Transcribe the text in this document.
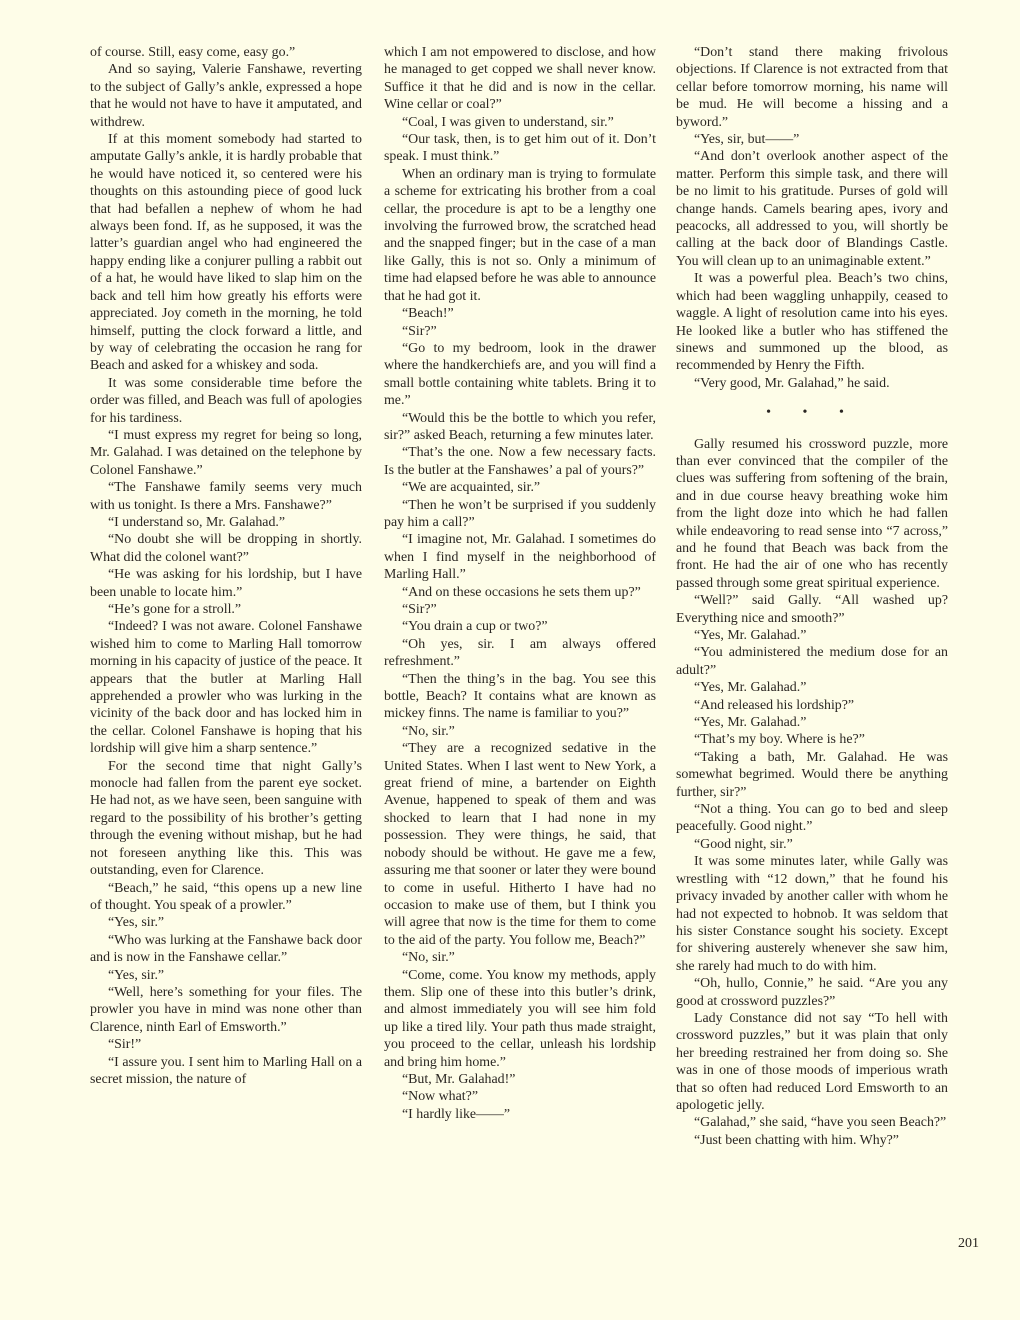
of course. Still, easy come, easy go.”

And so saying, Valerie Fanshawe, reverting to the subject of Gally’s ankle, expressed a hope that he would not have to have it amputated, and withdrew.

If at this moment somebody had started to amputate Gally’s ankle, it is hardly probable that he would have noticed it, so centered were his thoughts on this astounding piece of good luck that had befallen a nephew of whom he had always been fond. If, as he supposed, it was the latter’s guardian angel who had engineered the happy ending like a conjurer pulling a rabbit out of a hat, he would have liked to slap him on the back and tell him how greatly his efforts were appreciated. Joy cometh in the morning, he told himself, putting the clock forward a little, and by way of celebrating the occasion he rang for Beach and asked for a whiskey and soda.

It was some considerable time before the order was filled, and Beach was full of apologies for his tardiness.

“I must express my regret for being so long, Mr. Galahad. I was detained on the telephone by Colonel Fanshawe.”

“The Fanshawe family seems very much with us tonight. Is there a Mrs. Fanshawe?”

“I understand so, Mr. Galahad.”

“No doubt she will be dropping in shortly. What did the colonel want?”

“He was asking for his lordship, but I have been unable to locate him.”

“He’s gone for a stroll.”

“Indeed? I was not aware. Colonel Fanshawe wished him to come to Marling Hall tomorrow morning in his capacity of justice of the peace. It appears that the butler at Marling Hall apprehended a prowler who was lurking in the vicinity of the back door and has locked him in the cellar. Colonel Fanshawe is hoping that his lordship will give him a sharp sentence.”

For the second time that night Gally’s monocle had fallen from the parent eye socket. He had not, as we have seen, been sanguine with regard to the possibility of his brother’s getting through the evening without mishap, but he had not foreseen anything like this. This was outstanding, even for Clarence.

“Beach,” he said, “this opens up a new line of thought. You speak of a prowler.”

“Yes, sir.”

“Who was lurking at the Fanshawe back door and is now in the Fanshawe cellar.”

“Yes, sir.”

“Well, here’s something for your files. The prowler you have in mind was none other than Clarence, ninth Earl of Emsworth.”

“Sir!”

“I assure you. I sent him to Marling Hall on a secret mission, the nature of

which I am not empowered to disclose, and how he managed to get copped we shall never know. Suffice it that he did and is now in the cellar. Wine cellar or coal?”

“Coal, I was given to understand, sir.”

“Our task, then, is to get him out of it. Don’t speak. I must think.”

When an ordinary man is trying to formulate a scheme for extricating his brother from a coal cellar, the procedure is apt to be a lengthy one involving the furrowed brow, the scratched head and the snapped finger; but in the case of a man like Gally, this is not so. Only a minimum of time had elapsed before he was able to announce that he had got it.

“Beach!”

“Sir?”

“Go to my bedroom, look in the drawer where the handkerchiefs are, and you will find a small bottle containing white tablets. Bring it to me.”

“Would this be the bottle to which you refer, sir?” asked Beach, returning a few minutes later.

“That’s the one. Now a few necessary facts. Is the butler at the Fanshawes’ a pal of yours?”

“We are acquainted, sir.”

“Then he won’t be surprised if you suddenly pay him a call?”

“I imagine not, Mr. Galahad. I sometimes do when I find myself in the neighborhood of Marling Hall.”

“And on these occasions he sets them up?”

“Sir?”

“You drain a cup or two?”

“Oh yes, sir. I am always offered refreshment.”

“Then the thing’s in the bag. You see this bottle, Beach? It contains what are known as mickey finns. The name is familiar to you?”

“No, sir.”

“They are a recognized sedative in the United States. When I last went to New York, a great friend of mine, a bartender on Eighth Avenue, happened to speak of them and was shocked to learn that I had none in my possession. They were things, he said, that nobody should be without. He gave me a few, assuring me that sooner or later they were bound to come in useful. Hitherto I have had no occasion to make use of them, but I think you will agree that now is the time for them to come to the aid of the party. You follow me, Beach?”

“No, sir.”

“Come, come. You know my methods, apply them. Slip one of these into this butler’s drink, and almost immediately you will see him fold up like a tired lily. Your path thus made straight, you proceed to the cellar, unleash his lordship and bring him home.”

“But, Mr. Galahad!”

“Now what?”

“I hardly like——”

“Don’t stand there making frivolous objections. If Clarence is not extracted from that cellar before tomorrow morning, his name will be mud. He will become a hissing and a byword.”

“Yes, sir, but——”

“And don’t overlook another aspect of the matter. Perform this simple task, and there will be no limit to his gratitude. Purses of gold will change hands. Camels bearing apes, ivory and peacocks, all addressed to you, will shortly be calling at the back door of Blandings Castle. You will clean up to an unimaginable extent.”

It was a powerful plea. Beach’s two chins, which had been waggling unhappily, ceased to waggle. A light of resolution came into his eyes. He looked like a butler who has stiffened the sinews and summoned up the blood, as recommended by Henry the Fifth.

“Very good, Mr. Galahad,” he said.

• • •

Gally resumed his crossword puzzle, more than ever convinced that the compiler of the clues was suffering from softening of the brain, and in due course heavy breathing woke him from the light doze into which he had fallen while endeavoring to read sense into “7 across,” and he found that Beach was back from the front. He had the air of one who has recently passed through some great spiritual experience.

“Well?” said Gally. “All washed up? Everything nice and smooth?”

“Yes, Mr. Galahad.”

“You administered the medium dose for an adult?”

“Yes, Mr. Galahad.”

“And released his lordship?”

“Yes, Mr. Galahad.”

“That’s my boy. Where is he?”

“Taking a bath, Mr. Galahad. He was somewhat begrimed. Would there be anything further, sir?”

“Not a thing. You can go to bed and sleep peacefully. Good night.”

“Good night, sir.”

It was some minutes later, while Gally was wrestling with “12 down,” that he found his privacy invaded by another caller with whom he had not expected to hobnob. It was seldom that his sister Constance sought his society. Except for shivering austerely whenever she saw him, she rarely had much to do with him.

“Oh, hullo, Connie,” he said. “Are you any good at crossword puzzles?”

Lady Constance did not say “To hell with crossword puzzles,” but it was plain that only her breeding restrained her from doing so. She was in one of those moods of imperious wrath that so often had reduced Lord Emsworth to an apologetic jelly.

“Galahad,” she said, “have you seen Beach?”

“Just been chatting with him. Why?”

201
